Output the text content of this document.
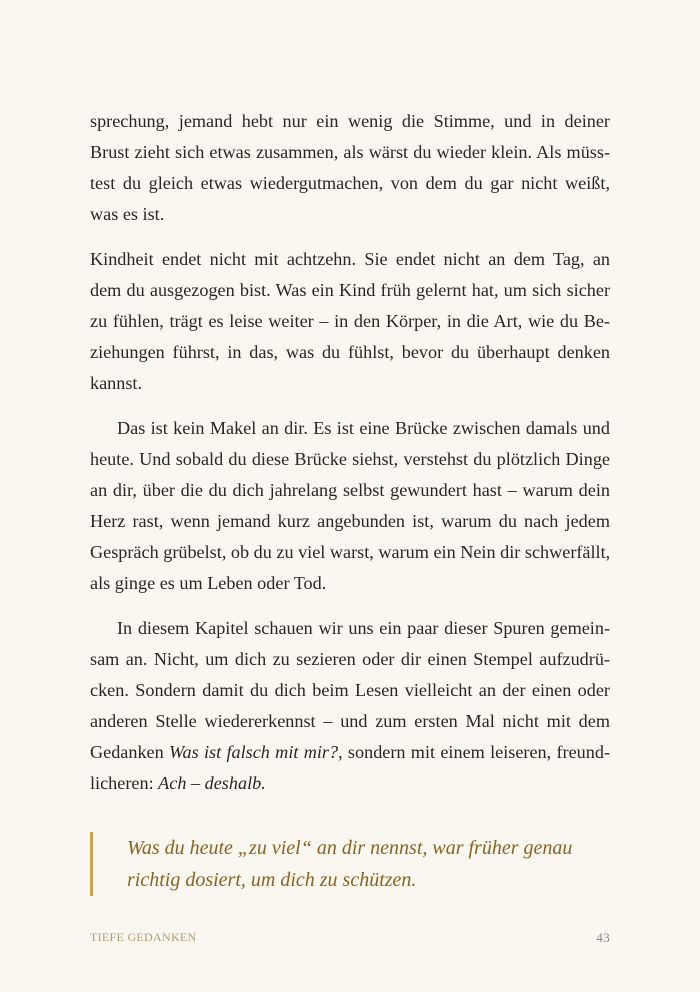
sprechung, jemand hebt nur ein wenig die Stimme, und in deiner
Brust zieht sich etwas zusammen, als wärst du wieder klein. Als müss-
test du gleich etwas wiedergutmachen, von dem du gar nicht weißt,
was es ist.
Kindheit endet nicht mit achtzehn. Sie endet nicht an dem Tag, an
dem du ausgezogen bist. Was ein Kind früh gelernt hat, um sich sicher
zu fühlen, trägt es leise weiter – in den Körper, in die Art, wie du Be-
ziehungen führst, in das, was du fühlst, bevor du überhaupt denken
kannst.
Das ist kein Makel an dir. Es ist eine Brücke zwischen damals und
heute. Und sobald du diese Brücke siehst, verstehst du plötzlich Dinge
an dir, über die du dich jahrelang selbst gewundert hast – warum dein
Herz rast, wenn jemand kurz angebunden ist, warum du nach jedem
Gespräch grübelst, ob du zu viel warst, warum ein Nein dir schwerfällt,
als ginge es um Leben oder Tod.
In diesem Kapitel schauen wir uns ein paar dieser Spuren gemein-
sam an. Nicht, um dich zu sezieren oder dir einen Stempel aufzudrü-
cken. Sondern damit du dich beim Lesen vielleicht an der einen oder
anderen Stelle wiedererkennst – und zum ersten Mal nicht mit dem
Gedanken Was ist falsch mit mir?, sondern mit einem leiseren, freund-
licheren: Ach – deshalb.
Was du heute „zu viel“ an dir nennst, war früher genau
richtig dosiert, um dich zu schützen.
TIEFE GEDANKEN	43
